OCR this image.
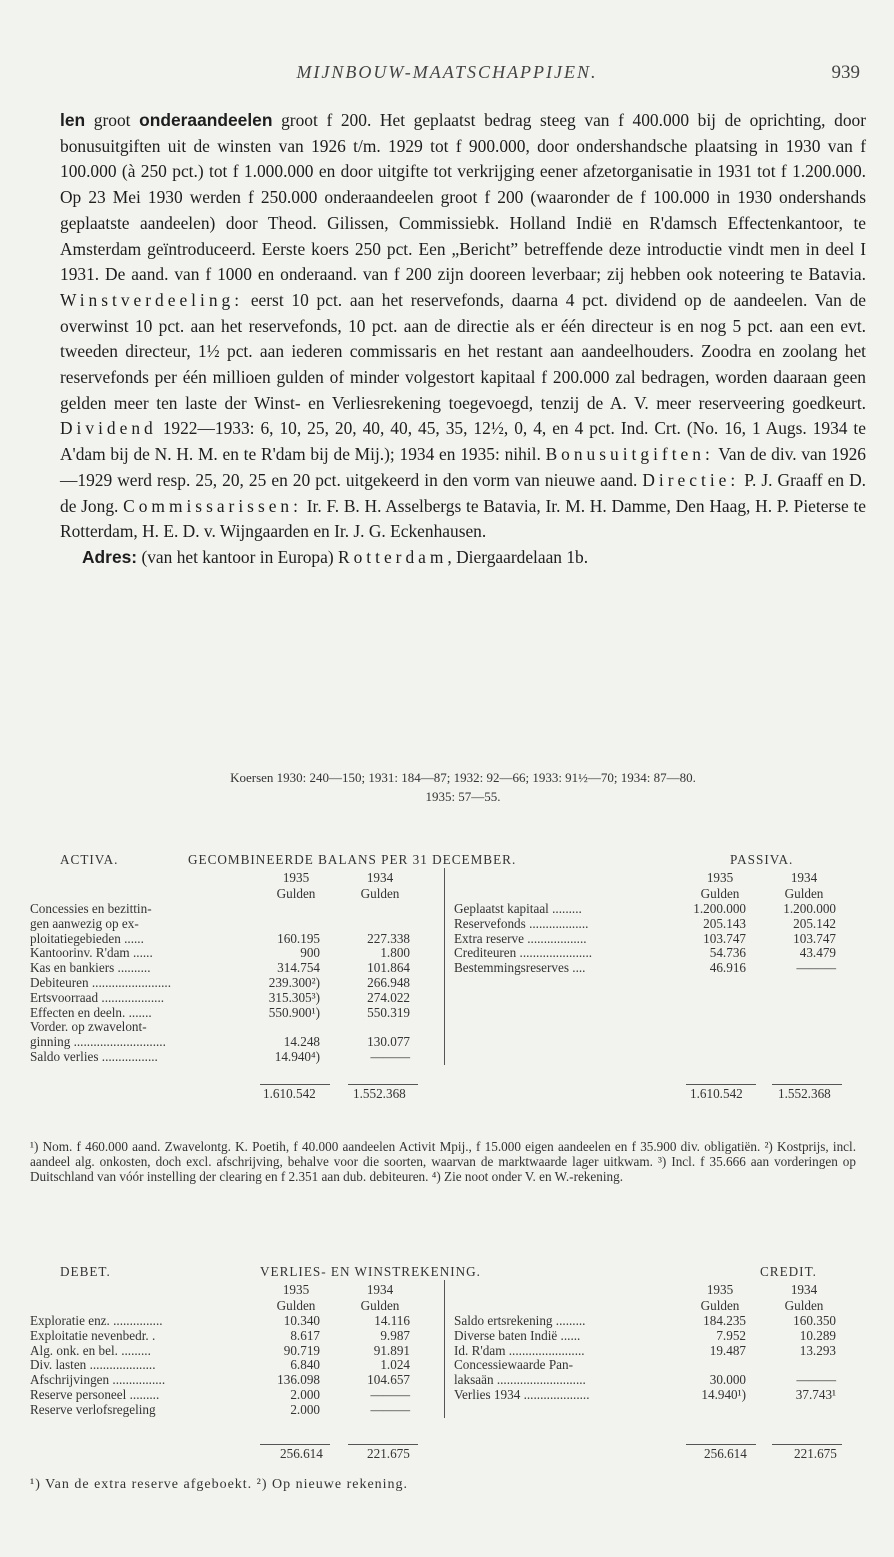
MIJNBOUW-MAATSCHAPPIJEN.	939

len groot onderaandeelen groot f 200. Het geplaatst bedrag steeg van f 400.000 bij de oprichting, door bonusuitgiften uit de winsten van 1926 t/m. 1929 tot f 900.000, door ondershandsche plaatsing in 1930 van f 100.000 (à 250 pct.) tot f 1.000.000 en door uitgifte tot verkrijging eener afzetorganisatie in 1931 tot f 1.200.000. Op 23 Mei 1930 werden f 250.000 onderaandeelen groot f 200 (waaronder de f 100.000 in 1930 ondershands geplaatste aandeelen) door Theod. Gilissen, Commissiebk. Holland Indië en R'damsch Effectenkantoor, te Amsterdam geïntroduceerd. Eerste koers 250 pct. Een „Bericht” betreffende deze introductie vindt men in deel I 1931. De aand. van f 1000 en onderaand. van f 200 zijn dooreen leverbaar; zij hebben ook noteering te Batavia. Winstverdeeling: eerst 10 pct. aan het reservefonds, daarna 4 pct. dividend op de aandeelen. Van de overwinst 10 pct. aan het reservefonds, 10 pct. aan de directie als er één directeur is en nog 5 pct. aan een evt. tweeden directeur, 1½ pct. aan iederen commissaris en het restant aan aandeelhouders. Zoodra en zoolang het reservefonds per één millioen gulden of minder volgestort kapitaal f 200.000 zal bedragen, worden daaraan geen gelden meer ten laste der Winst- en Verliesrekening toegevoegd, tenzij de A. V. meer reserveering goedkeurt. Dividend 1922—1933: 6, 10, 25, 20, 40, 40, 45, 35, 12½, 0, 4, en 4 pct. Ind. Crt. (No. 16, 1 Augs. 1934 te A'dam bij de N. H. M. en te R'dam bij de Mij.); 1934 en 1935: nihil. Bonusuitgiften: Van de div. van 1926—1929 werd resp. 25, 20, 25 en 20 pct. uitgekeerd in den vorm van nieuwe aand. Directie: P. J. Graaff en D. de Jong. Commissarissen: Ir. F. B. H. Asselbergs te Batavia, Ir. M. H. Damme, Den Haag, H. P. Pieterse te Rotterdam, H. E. D. v. Wijngaarden en Ir. J. G. Eckenhausen.

Adres: (van het kantoor in Europa) Rotterdam, Diergaardelaan 1b.

Koersen 1930: 240—150; 1931: 184—87; 1932: 92—66; 1933: 91½—70; 1934: 87—80.
1935: 57—55.
ACTIVA.	GECOMBINEERDE BALANS PER 31 DECEMBER.	PASSIVA.
1935	1934	1935	1934
Gulden	Gulden	Gulden	Gulden
Concessies en bezittin-	Geplaatst kapitaal .........	1.200.000	1.200.000
gen aanwezig op ex-	Reservefonds ..................	205.143	205.142
ploitatiegebieden ......	160.195	227.338	Extra reserve ..................	103.747	103.747
Kantoorinv. R'dam ......	900	1.800	Crediteuren ......................	54.736	43.479
Kas en bankiers ..........	314.754	101.864	Bestemmingsreserves ....	46.916	———
Debiteuren ........................	239.300²)	266.948
Ertsvoorraad ...................	315.305³)	274.022
Effecten en deeln. .......	550.900¹)	550.319
Vorder. op zwavelont-
ginning ............................	14.248	130.077
Saldo verlies .................	14.940⁴)	———
1.610.542	1.552.368	1.610.542	1.552.368
¹) Nom. f 460.000 aand. Zwavelontg. K. Poetih, f 40.000 aandeelen Activit Mpij., f 15.000 eigen aandeelen en f 35.900 div. obligatiën. ²) Kostprijs, incl. aandeel alg. onkosten, doch excl. afschrijving, behalve voor die soorten, waarvan de marktwaarde lager uitkwam. ³) Incl. f 35.666 aan vorderingen op Duitschland van vóór instelling der clearing en f 2.351 aan dub. debiteuren. ⁴) Zie noot onder V. en W.-rekening.
DEBET.	VERLIES- EN WINSTREKENING.	CREDIT.
1935	1934	1935	1934
Gulden	Gulden	Gulden	Gulden
Exploratie enz. ...............	10.340	14.116	Saldo ertsrekening .........	184.235	160.350
Exploitatie nevenbedr. .	8.617	9.987	Diverse baten Indië ......	7.952	10.289
Alg. onk. en bel. .........	90.719	91.891	Id. R'dam .......................	19.487	13.293
Div. lasten ....................	6.840	1.024	Concessiewaarde Pan-
Afschrijvingen ................	136.098	104.657	laksaän ...........................	30.000	———
Reserve personeel .........	2.000	———	Verlies 1934 ....................	14.940¹)	37.743¹
Reserve verlofsregeling	2.000	———
256.614	221.675	256.614	221.675
¹) Van de extra reserve afgeboekt. ²) Op nieuwe rekening.
